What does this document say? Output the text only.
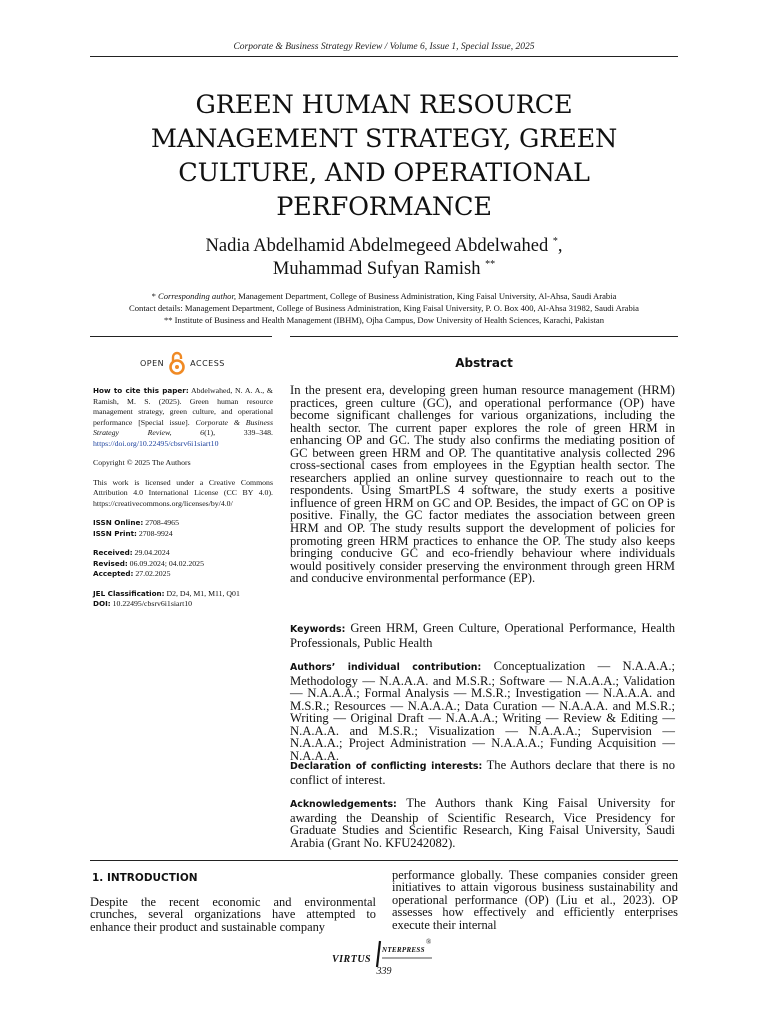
Corporate & Business Strategy Review / Volume 6, Issue 1, Special Issue, 2025
GREEN HUMAN RESOURCE
MANAGEMENT STRATEGY, GREEN
CULTURE, AND OPERATIONAL
PERFORMANCE
Nadia Abdelhamid Abdelmegeed Abdelwahed *,
Muhammad Sufyan Ramish **
* Corresponding author, Management Department, College of Business Administration, King Faisal University, Al-Ahsa, Saudi Arabia
Contact details: Management Department, College of Business Administration, King Faisal University, P. O. Box 400, Al-Ahsa 31982, Saudi Arabia
** Institute of Business and Health Management (IBHM), Ojha Campus, Dow University of Health Sciences, Karachi, Pakistan
OPEN	ACCESS

How to cite this paper: Abdelwahed, N. A. A., & Ramish, M. S. (2025). Green human resource management strategy, green culture, and operational performance [Special issue]. Corporate & Business Strategy Review, 6(1), 339–348. https://doi.org/10.22495/cbsrv6i1siart10

Copyright © 2025 The Authors

This work is licensed under a Creative Commons Attribution 4.0 International License (CC BY 4.0). https://creativecommons.org/licenses/by/4.0/

ISSN Online: 2708-4965

ISSN Print: 2708-9924

Received: 29.04.2024

Revised: 06.09.2024; 04.02.2025

Accepted: 27.02.2025

JEL Classification: D2, D4, M1, M11, Q01

DOI: 10.22495/cbsrv6i1siart10

Abstract

In the present era, developing green human resource management (HRM) practices, green culture (GC), and operational performance (OP) have become significant challenges for various organizations, including the health sector. The current paper explores the role of green HRM in enhancing OP and GC. The study also confirms the mediating position of GC between green HRM and OP. The quantitative analysis collected 296 cross-sectional cases from employees in the Egyptian health sector. The researchers applied an online survey questionnaire to reach out to the respondents. Using SmartPLS 4 software, the study exerts a positive influence of green HRM on GC and OP. Besides, the impact of GC on OP is positive. Finally, the GC factor mediates the association between green HRM and OP. The study results support the development of policies for promoting green HRM practices to enhance the OP. The study also keeps bringing conducive GC and eco-friendly behaviour where individuals would positively consider preserving the environment through green HRM and conducive environmental performance (EP).

Keywords: Green HRM, Green Culture, Operational Performance, Health Professionals, Public Health

Authors’ individual contribution: Conceptualization — N.A.A.A.; Methodology — N.A.A.A. and M.S.R.; Software — N.A.A.A.; Validation — N.A.A.A.; Formal Analysis — M.S.R.; Investigation — N.A.A.A. and M.S.R.; Resources — N.A.A.A.; Data Curation — N.A.A.A. and M.S.R.; Writing — Original Draft — N.A.A.A.; Writing — Review & Editing — N.A.A.A. and M.S.R.; Visualization — N.A.A.A.; Supervision — N.A.A.A.; Project Administration — N.A.A.A.; Funding Acquisition — N.A.A.A.

Declaration of conflicting interests: The Authors declare that there is no conflict of interest.

Acknowledgements: The Authors thank King Faisal University for awarding the Deanship of Scientific Research, Vice Presidency for Graduate Studies and Scientific Research, King Faisal University, Saudi Arabia (Grant No. KFU242082).

1. INTRODUCTION

Despite the recent economic and environmental crunches, several organizations have attempted to enhance their product and sustainable company

performance globally. These companies consider green initiatives to attain vigorous business sustainability and operational performance (OP) (Liu et al., 2023). OP assesses how effectively and efficiently enterprises execute their internal

VIRTUS
NTERPRESS
®
339
